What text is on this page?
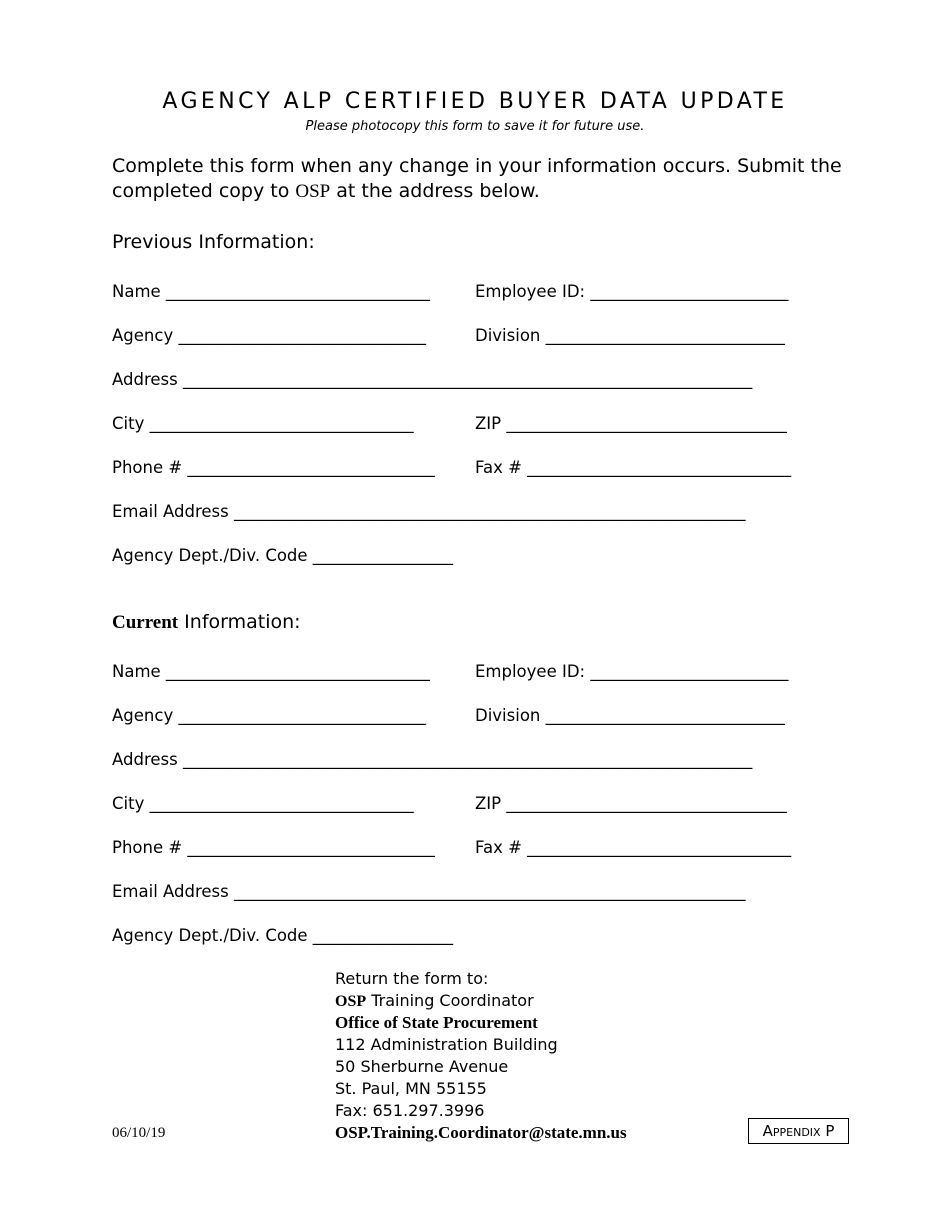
AGENCY ALP CERTIFIED BUYER DATA UPDATE
Please photocopy this form to save it for future use.
Complete this form when any change in your information occurs. Submit the completed copy to OSP at the address below.
Previous Information:
Name ________________________________	Employee ID: ________________________
Agency ______________________________	Division _____________________________
Address _____________________________________________________________________
City ________________________________	ZIP __________________________________
Phone # ______________________________	Fax # ________________________________
Email Address ______________________________________________________________
Agency Dept./Div. Code _________________
Current Information:
Name ________________________________	Employee ID: ________________________
Agency ______________________________	Division _____________________________
Address _____________________________________________________________________
City ________________________________	ZIP __________________________________
Phone # ______________________________	Fax # ________________________________
Email Address ______________________________________________________________
Agency Dept./Div. Code _________________
Return the form to:
OSP Training Coordinator
Office of State Procurement
112 Administration Building
50 Sherburne Avenue
St. Paul, MN 55155
Fax: 651.297.3996
OSP.Training.Coordinator@state.mn.us
06/10/19	Appendix P
